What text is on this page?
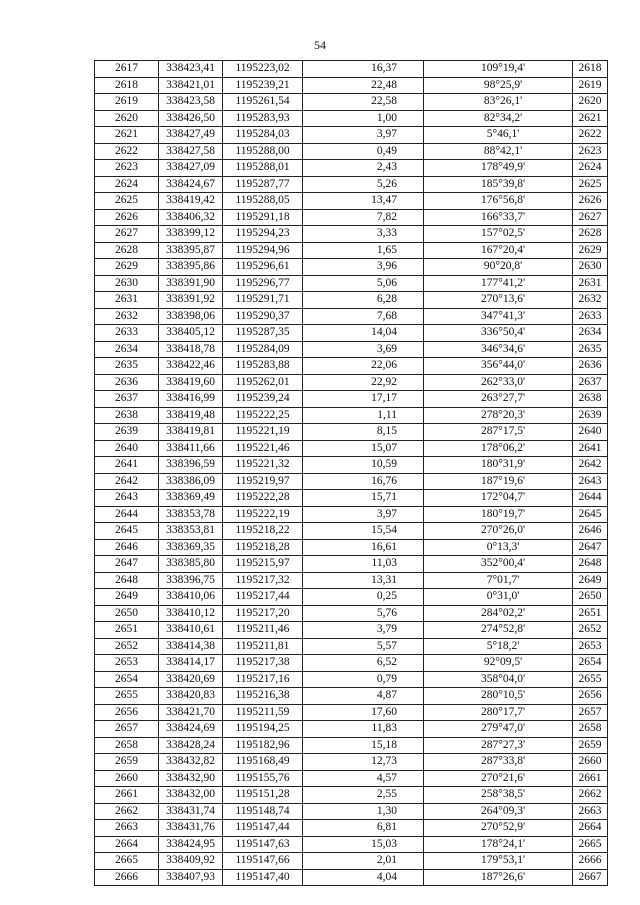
54
2617	338423,41	1195223,02	16,37	109°19,4'	2618
2618	338421,01	1195239,21	22,48	98°25,9'	2619
2619	338423,58	1195261,54	22,58	83°26,1'	2620
2620	338426,50	1195283,93	1,00	82°34,2'	2621
2621	338427,49	1195284,03	3,97	5°46,1'	2622
2622	338427,58	1195288,00	0,49	88°42,1'	2623
2623	338427,09	1195288,01	2,43	178°49,9'	2624
2624	338424,67	1195287,77	5,26	185°39,8'	2625
2625	338419,42	1195288,05	13,47	176°56,8'	2626
2626	338406,32	1195291,18	7,82	166°33,7'	2627
2627	338399,12	1195294,23	3,33	157°02,5'	2628
2628	338395,87	1195294,96	1,65	167°20,4'	2629
2629	338395,86	1195296,61	3,96	90°20,8'	2630
2630	338391,90	1195296,77	5,06	177°41,2'	2631
2631	338391,92	1195291,71	6,28	270°13,6'	2632
2632	338398,06	1195290,37	7,68	347°41,3'	2633
2633	338405,12	1195287,35	14,04	336°50,4'	2634
2634	338418,78	1195284,09	3,69	346°34,6'	2635
2635	338422,46	1195283,88	22,06	356°44,0'	2636
2636	338419,60	1195262,01	22,92	262°33,0'	2637
2637	338416,99	1195239,24	17,17	263°27,7'	2638
2638	338419,48	1195222,25	1,11	278°20,3'	2639
2639	338419,81	1195221,19	8,15	287°17,5'	2640
2640	338411,66	1195221,46	15,07	178°06,2'	2641
2641	338396,59	1195221,32	10,59	180°31,9'	2642
2642	338386,09	1195219,97	16,76	187°19,6'	2643
2643	338369,49	1195222,28	15,71	172°04,7'	2644
2644	338353,78	1195222,19	3,97	180°19,7'	2645
2645	338353,81	1195218,22	15,54	270°26,0'	2646
2646	338369,35	1195218,28	16,61	0°13,3'	2647
2647	338385,80	1195215,97	11,03	352°00,4'	2648
2648	338396,75	1195217,32	13,31	7°01,7'	2649
2649	338410,06	1195217,44	0,25	0°31,0'	2650
2650	338410,12	1195217,20	5,76	284°02,2'	2651
2651	338410,61	1195211,46	3,79	274°52,8'	2652
2652	338414,38	1195211,81	5,57	5°18,2'	2653
2653	338414,17	1195217,38	6,52	92°09,5'	2654
2654	338420,69	1195217,16	0,79	358°04,0'	2655
2655	338420,83	1195216,38	4,87	280°10,5'	2656
2656	338421,70	1195211,59	17,60	280°17,7'	2657
2657	338424,69	1195194,25	11,83	279°47,0'	2658
2658	338428,24	1195182,96	15,18	287°27,3'	2659
2659	338432,82	1195168,49	12,73	287°33,8'	2660
2660	338432,90	1195155,76	4,57	270°21,6'	2661
2661	338432,00	1195151,28	2,55	258°38,5'	2662
2662	338431,74	1195148,74	1,30	264°09,3'	2663
2663	338431,76	1195147,44	6,81	270°52,9'	2664
2664	338424,95	1195147,63	15,03	178°24,1'	2665
2665	338409,92	1195147,66	2,01	179°53,1'	2666
2666	338407,93	1195147,40	4,04	187°26,6'	2667
